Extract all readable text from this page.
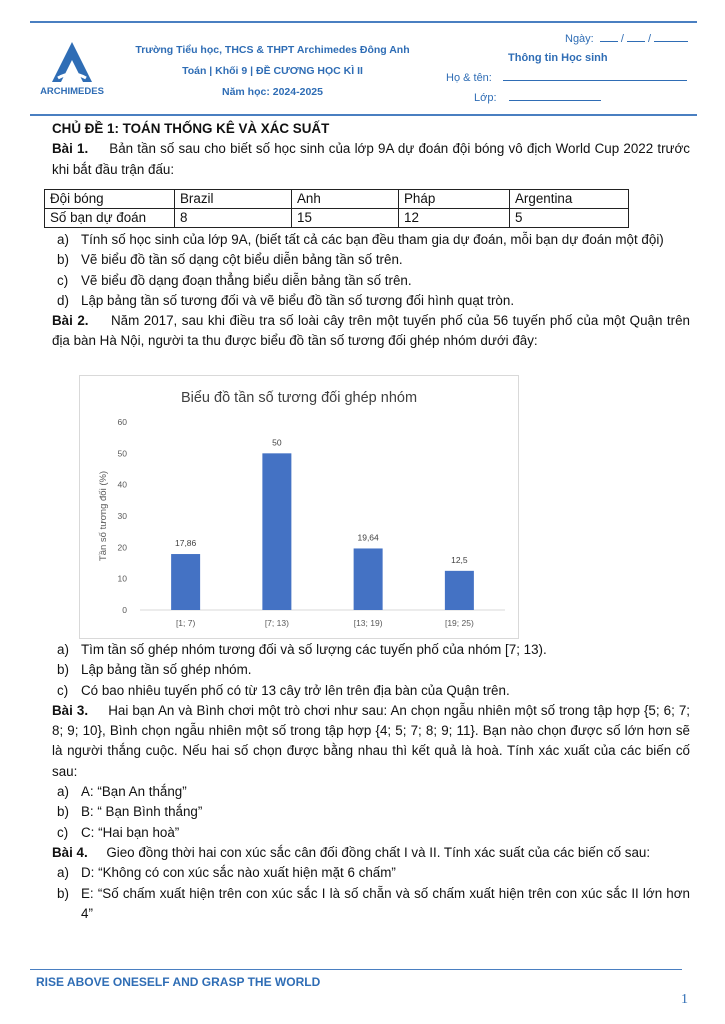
ARCHIMEDES
Trường Tiểu học, THCS & THPT Archimedes Đông Anh
Toán | Khối 9 | ĐỀ CƯƠNG HỌC KÌ II
Năm học: 2024-2025
Ngày:  /  /
Thông tin Học sinh
Họ & tên:
Lớp:

CHỦ ĐỀ 1: TOÁN THỐNG KÊ VÀ XÁC SUẤT

Bài 1. Bản tần số sau cho biết số học sinh của lớp 9A dự đoán đội bóng vô địch World Cup 2022 trước khi bắt đầu trận đấu:

Đội bóng	Brazil	Anh	Pháp	Argentina
Số bạn dự đoán	8	15	12	5
a) Tính số học sinh của lớp 9A, (biết tất cả các bạn đều tham gia dự đoán, mỗi bạn dự đoán một đội)
b) Vẽ biểu đồ tần số dạng cột biểu diễn bảng tần số trên.
c) Vẽ biểu đồ dạng đoạn thẳng biểu diễn bảng tần số trên.
d) Lập bảng tần số tương đối và vẽ biểu đồ tần số tương đối hình quạt tròn.

Bài 2. Năm 2017, sau khi điều tra số loài cây trên một tuyến phố của 56 tuyến phố của một Quận trên địa bàn Hà Nội, người ta thu được biểu đồ tần số tương đối ghép nhóm dưới đây:

Biểu đồ tần số tương đối ghép nhóm
0
10
20
30
40
50
60
Tần số tương đối (%)	17,86
[1; 7)
50
[7; 13)
19,64
[13; 19)
12,5
[19; 25)
a) Tìm tần số ghép nhóm tương đối và số lượng các tuyến phố của nhóm [7; 13).
b) Lập bảng tần số ghép nhóm.
c) Có bao nhiêu tuyến phố có từ 13 cây trở lên trên địa bàn của Quận trên.

Bài 3. Hai bạn An và Bình chơi một trò chơi như sau: An chọn ngẫu nhiên một số trong tập hợp {5; 6; 7; 8; 9; 10}, Bình chọn ngẫu nhiên một số trong tập hợp {4; 5; 7; 8; 9; 11}. Bạn nào chọn được số lớn hơn sẽ là người thắng cuộc. Nếu hai số chọn được bằng nhau thì kết quả là hoà. Tính xác xuất của các biến cố sau:

a) A: “Bạn An thắng”
b) B: “ Bạn Bình thắng”
c) C: “Hai bạn hoà”

Bài 4. Gieo đồng thời hai con xúc sắc cân đối đồng chất I và II. Tính xác suất của các biến cố sau:

a) D: “Không có con xúc sắc nào xuất hiện mặt 6 chấm”
b) E: “Số chấm xuất hiện trên con xúc sắc I là số chẵn và số chấm xuất hiện trên con xúc sắc II lớn hơn 4”
RISE ABOVE ONESELF AND GRASP THE WORLD
1
